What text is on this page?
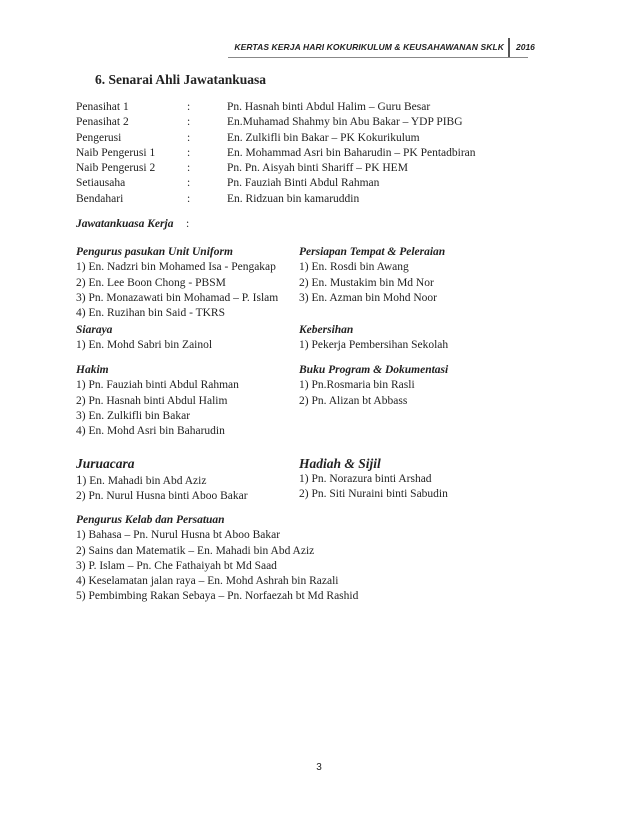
KERTAS KERJA HARI KOKURIKULUM & KEUSAHAWANAN SKLK 2016
6. Senarai Ahli Jawatankuasa
Penasihat 1	:	Pn. Hasnah binti Abdul Halim – Guru Besar
Penasihat 2	:	En.Muhamad Shahmy bin Abu Bakar – YDP PIBG
Pengerusi	:	En. Zulkifli bin Bakar – PK Kokurikulum
Naib Pengerusi 1	:	En. Mohammad Asri bin Baharudin – PK Pentadbiran
Naib Pengerusi 2	:	Pn. Pn. Aisyah binti Shariff – PK HEM
Setiausaha	:	Pn. Fauziah Binti Abdul Rahman
Bendahari	:	En. Ridzuan bin kamaruddin
Jawatankuasa Kerja :
Pengurus pasukan Unit Uniform
1) En. Nadzri bin Mohamed Isa - Pengakap
2) En. Lee Boon Chong - PBSM
3) Pn. Monazawati bin Mohamad – P. Islam
4) En. Ruzihan bin Said - TKRS
Persiapan Tempat & Peleraian
1) En. Rosdi bin Awang
2) En. Mustakim bin Md Nor
3) En. Azman bin Mohd Noor
Siaraya
1) En. Mohd Sabri bin Zainol
Kebersihan
1) Pekerja Pembersihan Sekolah
Hakim
1) Pn. Fauziah binti Abdul Rahman
2) Pn. Hasnah binti Abdul Halim
3) En. Zulkifli bin Bakar
4) En. Mohd Asri bin Baharudin
Buku Program & Dokumentasi
1) Pn.Rosmaria bin Rasli
2) Pn. Alizan bt Abbass
Juruacara
1) En. Mahadi bin Abd Aziz
2) Pn. Nurul Husna binti Aboo Bakar
Hadiah & Sijil
1) Pn. Norazura binti Arshad
2) Pn. Siti Nuraini binti Sabudin
Pengurus Kelab dan Persatuan
1) Bahasa – Pn. Nurul Husna bt Aboo Bakar
2) Sains dan Matematik – En. Mahadi bin Abd Aziz
3) P. Islam – Pn. Che Fathaiyah bt Md Saad
4) Keselamatan jalan raya – En. Mohd Ashrah bin Razali
5) Pembimbing Rakan Sebaya – Pn. Norfaezah bt Md Rashid
3
